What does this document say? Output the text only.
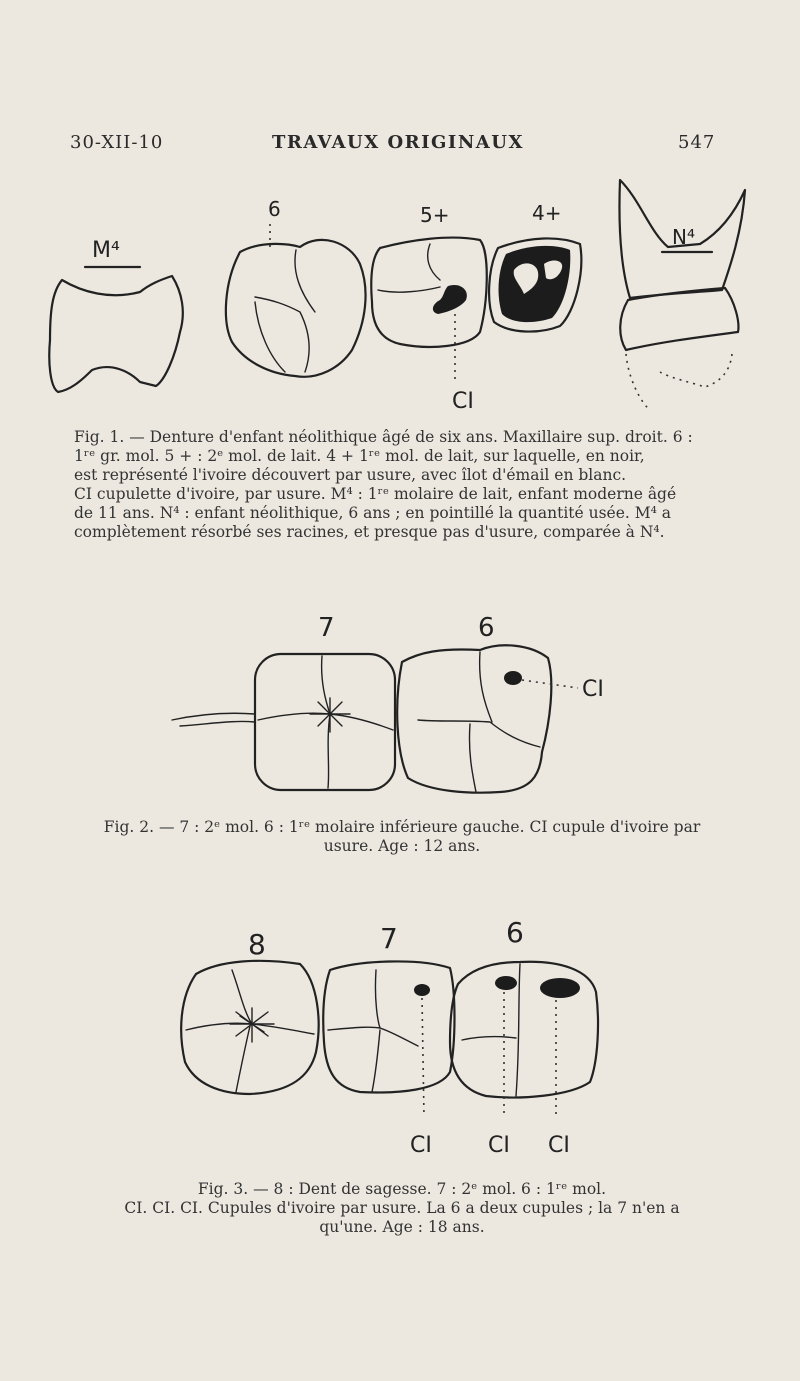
30-XII-10	TRAVAUX ORIGINAUX	547
M⁴
6	5+
CI
4+
N⁴
Fig. 1. — Denture d'enfant néolithique âgé de six ans. Maxillaire sup. droit. 6 :
1ʳᵉ gr. mol. 5 + : 2ᵉ mol. de lait. 4 + 1ʳᵉ mol. de lait, sur laquelle, en noir,
est représenté l'ivoire découvert par usure, avec îlot d'émail en blanc.
CI cupulette d'ivoire, par usure. M⁴ : 1ʳᵉ molaire de lait, enfant moderne âgé
de 11 ans. N⁴ : enfant néolithique, 6 ans ; en pointillé la quantité usée. M⁴ a
complètement résorbé ses racines, et presque pas d'usure, comparée à N⁴.
7	6
CI
Fig. 2. — 7 : 2ᵉ mol. 6 : 1ʳᵉ molaire inférieure gauche. CI cupule d'ivoire par
usure. Age : 12 ans.
8	7
CI
6
CI CI
Fig. 3. — 8 : Dent de sagesse. 7 : 2ᵉ mol. 6 : 1ʳᵉ mol.
CI. CI. CI. Cupules d'ivoire par usure. La 6 a deux cupules ; la 7 n'en a
qu'une. Age : 18 ans.
